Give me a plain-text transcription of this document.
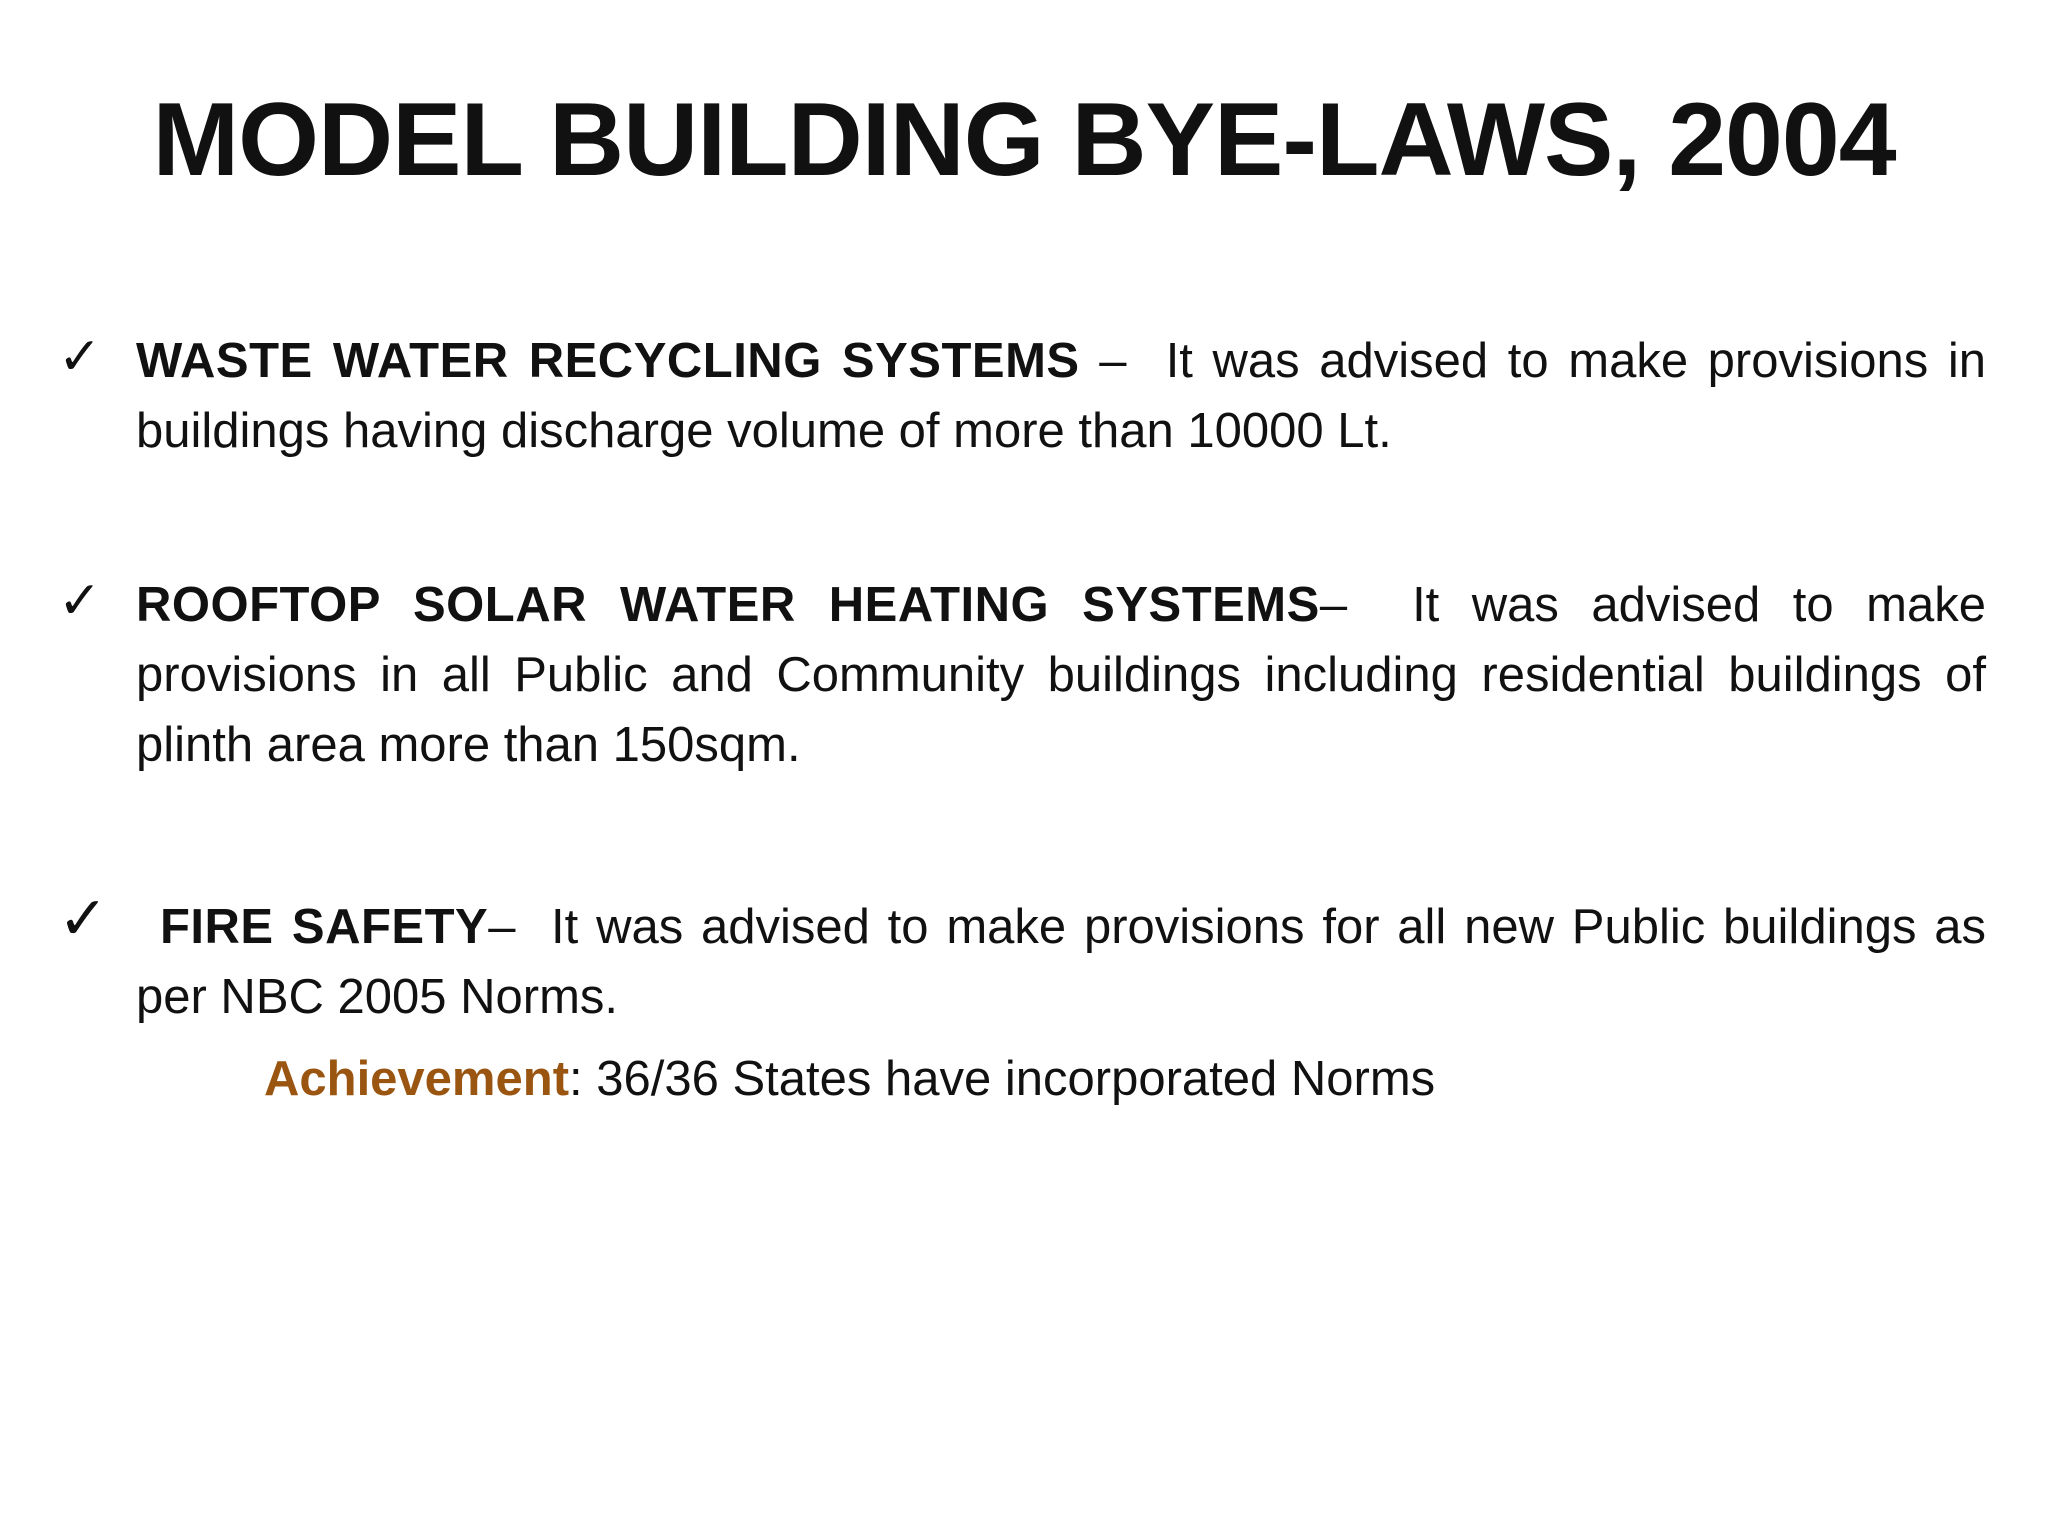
MODEL BUILDING BYE-LAWS, 2004
✓ WASTE WATER RECYCLING SYSTEMS –  It was advised to make provisions in buildings having discharge volume of more than 10000 Lt.
✓ ROOFTOP SOLAR WATER HEATING SYSTEMS–  It was advised to make provisions in all Public and Community buildings including residential buildings of plinth area more than 150sqm.
✓	FIRE SAFETY–  It was advised to make provisions for all new Public buildings as per NBC 2005 Norms.
Achievement: 36/36 States have incorporated Norms
